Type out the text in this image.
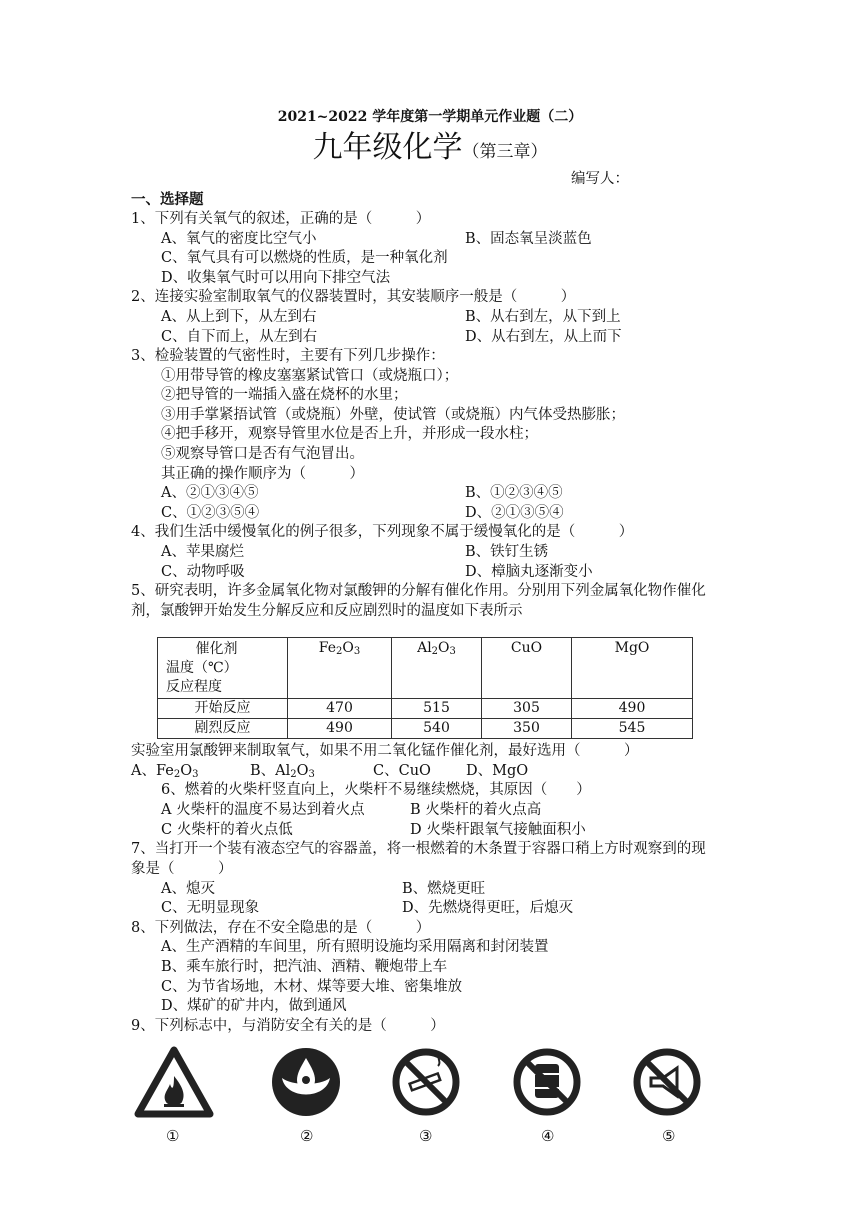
2021~2022 学年度第一学期单元作业题（二）
九年级化学（第三章）
编写人：
一、选择题
1、下列有关氧气的叙述，正确的是（　　　）
A、氧气的密度比空气小	B、固态氧呈淡蓝色
C、氧气具有可以燃烧的性质，是一种氧化剂
D、收集氧气时可以用向下排空气法
2、连接实验室制取氧气的仪器装置时，其安装顺序一般是（　　　）
A、从上到下，从左到右	B、从右到左，从下到上
C、自下而上，从左到右	D、从右到左，从上而下
3、检验装置的气密性时，主要有下列几步操作：
①用带导管的橡皮塞塞紧试管口（或烧瓶口）；
②把导管的一端插入盛在烧杯的水里；
③用手掌紧捂试管（或烧瓶）外壁，使试管（或烧瓶）内气体受热膨胀；
④把手移开，观察导管里水位是否上升，并形成一段水柱；
⑤观察导管口是否有气泡冒出。
其正确的操作顺序为（　　　）
A、②①③④⑤	B、①②③④⑤
C、①②③⑤④	D、②①③⑤④
4、我们生活中缓慢氧化的例子很多，下列现象不属于缓慢氧化的是（　　　）
A、苹果腐烂	B、铁钉生锈
C、动物呼吸	D、樟脑丸逐渐变小
5、研究表明，许多金属氧化物对氯酸钾的分解有催化作用。分别用下列金属氧化物作催化
剂，氯酸钾开始发生分解反应和反应剧烈时的温度如下表所示
催化剂
温度（℃）
反应程度	$Fe_2O_3$	$Al_2O_3$	CuO	MgO
开始反应	470	515	305	490
剧烈反应	490	540	350	545
实验室用氯酸钾来制取氧气，如果不用二氧化锰作催化剂，最好选用（　　　）
A、$Fe_2O_3$	B、$Al_2O_3$	C、CuO D、MgO
6、燃着的火柴杆竖直向上，火柴杆不易继续燃烧，其原因（　　）
A 火柴杆的温度不易达到着火点	B 火柴杆的着火点高
C 火柴杆的着火点低	D 火柴杆跟氧气接触面积小
7、当打开一个装有液态空气的容器盖，将一根燃着的木条置于容器口稍上方时观察到的现
象是（　　　）
A、熄灭	B、燃烧更旺
C、无明显现象	D、先燃烧得更旺，后熄灭
8、下列做法，存在不安全隐患的是（　　　）
A、生产酒精的车间里，所有照明设施均采用隔离和封闭装置
B、乘车旅行时，把汽油、酒精、鞭炮带上车
C、为节省场地，木材、煤等要大堆、密集堆放
D、煤矿的矿井内，做到通风
9、下列标志中，与消防安全有关的是（　　　）
①	②	③	④	⑤
